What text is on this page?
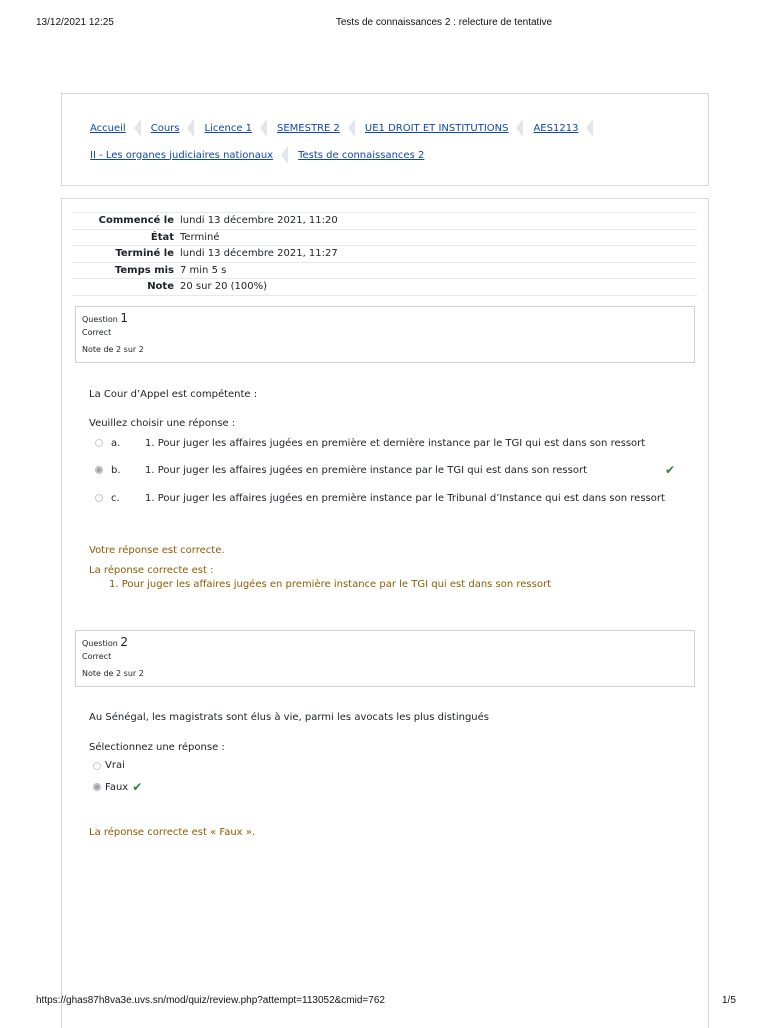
13/12/2021 12:25	Tests de connaissances 2 : relecture de tentative
Accueil	Cours	Licence 1	SEMESTRE 2	UE1 DROIT ET INSTITUTIONS	AES1213
II - Les organes judiciaires nationaux	Tests de connaissances 2
Commencé le	lundi 13 décembre 2021, 11:20
État	Terminé
Terminé le	lundi 13 décembre 2021, 11:27
Temps mis	7 min 5 s
Note	20 sur 20 (100%)
Question 1
Correct
Note de 2 sur 2
La Cour d’Appel est compétente :
Veuillez choisir une réponse :
a. 1. Pour juger les affaires jugées en première et dernière instance par le TGI qui est dans son ressort
b. 1. Pour juger les affaires jugées en première instance par le TGI qui est dans son ressort	✔
c.	1. Pour juger les affaires jugées en première instance par le Tribunal d’Instance qui est dans son ressort
Votre réponse est correcte.
La réponse correcte est :
1. Pour juger les affaires jugées en première instance par le TGI qui est dans son ressort
Question 2
Correct
Note de 2 sur 2
Au Sénégal, les magistrats sont élus à vie, parmi les avocats les plus distingués
Sélectionnez une réponse :
Vrai
Faux ✔
La réponse correcte est « Faux ».
https://ghas87h8va3e.uvs.sn/mod/quiz/review.php?attempt=113052&cmid=762	1/5
